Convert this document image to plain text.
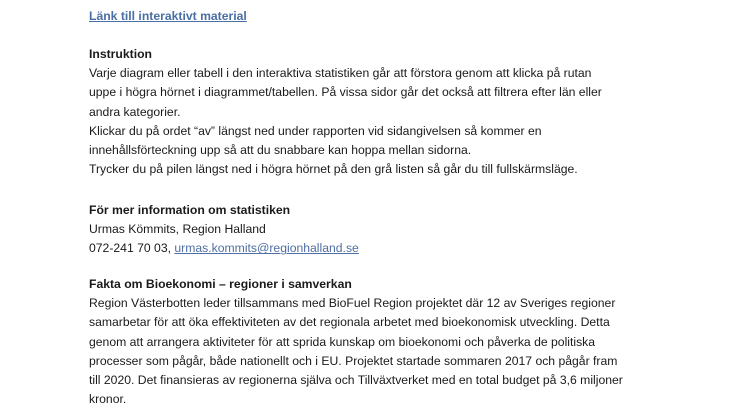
Länk till interaktivt material
Instruktion
Varje diagram eller tabell i den interaktiva statistiken går att förstora genom att klicka på rutan
uppe i högra hörnet i diagrammet/tabellen. På vissa sidor går det också att filtrera efter län eller
andra kategorier.
Klickar du på ordet “av” längst ned under rapporten vid sidangivelsen så kommer en
innehållsförteckning upp så att du snabbare kan hoppa mellan sidorna.
Trycker du på pilen längst ned i högra hörnet på den grå listen så går du till fullskärmsläge.
För mer information om statistiken
Urmas Kömmits, Region Halland
072-241 70 03, urmas.kommits@regionhalland.se
Fakta om Bioekonomi – regioner i samverkan
Region Västerbotten leder tillsammans med BioFuel Region projektet där 12 av Sveriges regioner
samarbetar för att öka effektiviteten av det regionala arbetet med bioekonomisk utveckling. Detta
genom att arrangera aktiviteter för att sprida kunskap om bioekonomi och påverka de politiska
processer som pågår, både nationellt och i EU. Projektet startade sommaren 2017 och pågår fram
till 2020. Det finansieras av regionerna själva och Tillväxtverket med en total budget på 3,6 miljoner
kronor.
